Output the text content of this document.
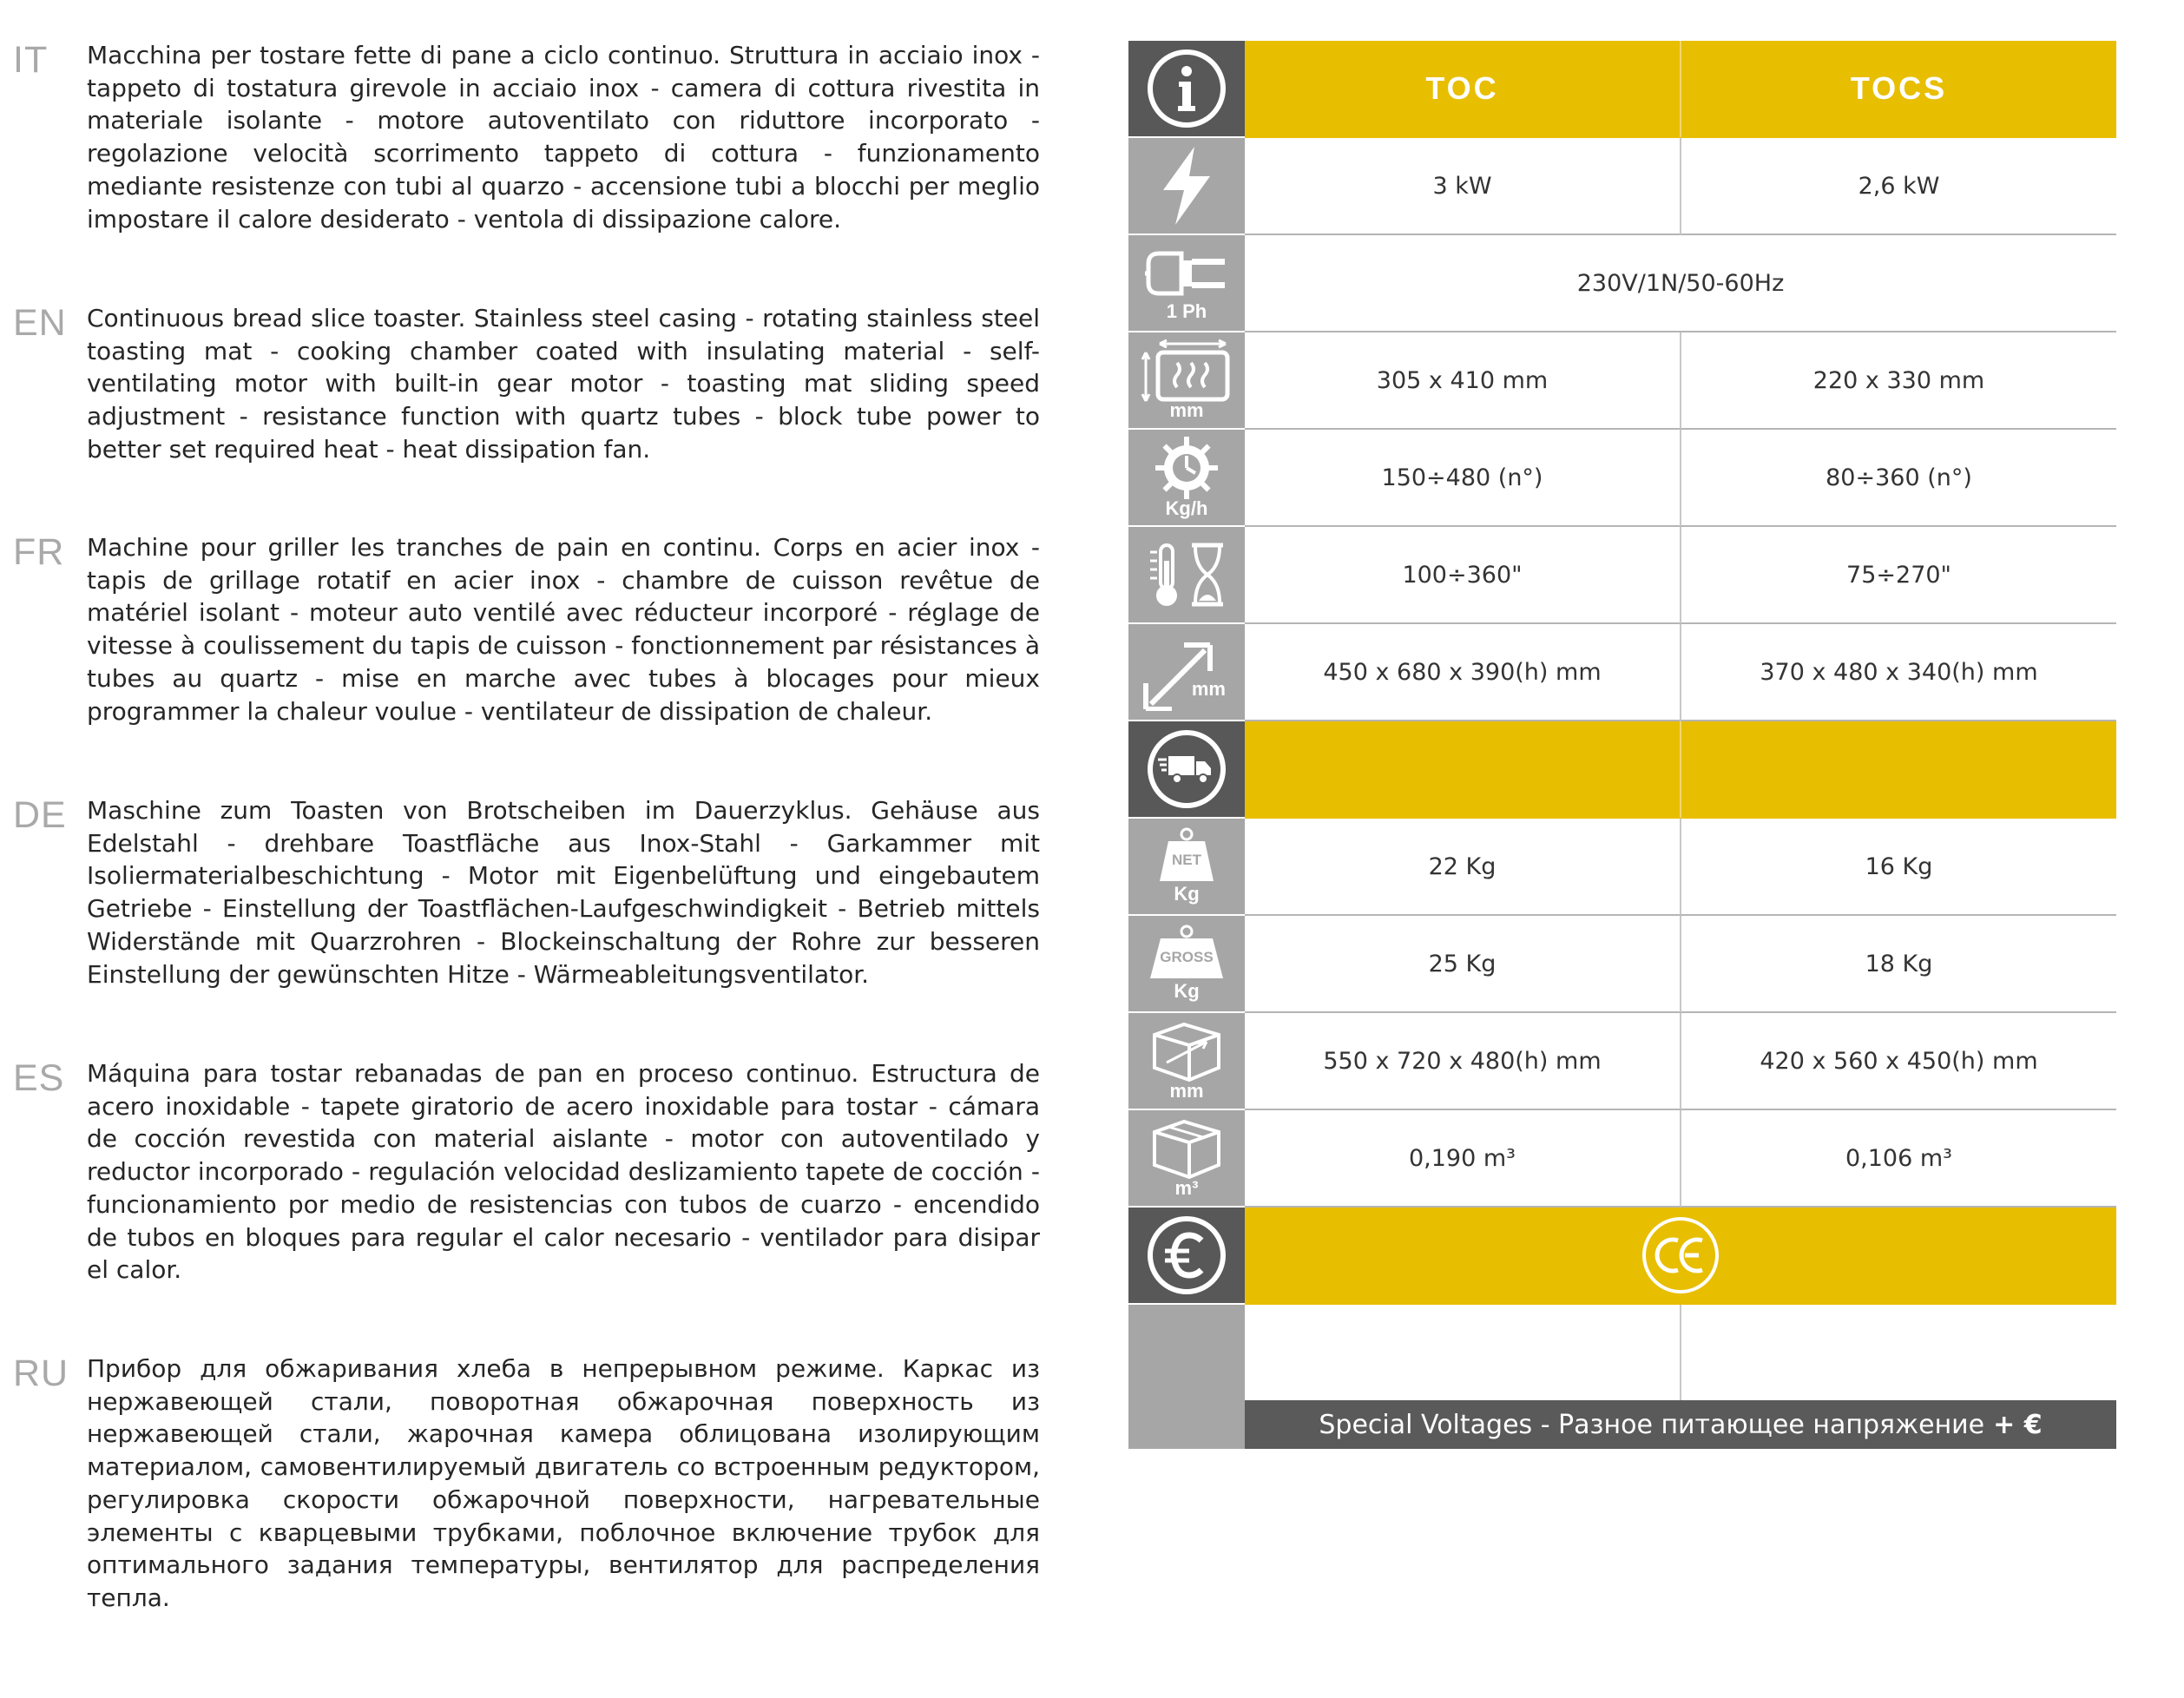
IT Macchina per tostare fette di pane a ciclo continuo. Struttura in acciaio inox - tappeto di tostatura girevole in acciaio inox - camera di cottura rivestita in materiale isolante - motore autoventilato con riduttore incorporato - regolazione velocità scorrimento tappeto di cottura - funzionamento mediante resistenze con tubi al quarzo - accensione tubi a blocchi per meglio impostare il calore desiderato - ventola di dissipazione calore.
EN Continuous bread slice toaster. Stainless steel casing - rotating stainless steel toasting mat - cooking chamber coated with insulating material - self-ventilating motor with built-in gear motor - toasting mat sliding speed adjustment - resistance function with quartz tubes - block tube power to better set required heat - heat dissipation fan.
FR Machine pour griller les tranches de pain en continu. Corps en acier inox - tapis de grillage rotatif en acier inox - chambre de cuisson revêtue de matériel isolant - moteur auto ventilé avec réducteur incorporé - réglage de vitesse à coulissement du tapis de cuisson - fonctionnement par résistances à tubes au quartz - mise en marche avec tubes à blocages pour mieux programmer la chaleur voulue - ventilateur de dissipation de chaleur.
DE Maschine zum Toasten von Brotscheiben im Dauerzyklus. Gehäuse aus Edelstahl - drehbare Toastfläche aus Inox-Stahl - Garkammer mit Isoliermaterialbeschichtung - Motor mit Eigenbelüftung und eingebautem Getriebe - Einstellung der Toastflächen-Laufgeschwindigkeit - Betrieb mittels Widerstände mit Quarzrohren - Blockeinschaltung der Rohre zur besseren Einstellung der gewünschten Hitze - Wärmeableitungsventilator.
ES Máquina para tostar rebanadas de pan en proceso continuo. Estructura de acero inoxidable - tapete giratorio de acero inoxidable para tostar - cámara de cocción revestida con material aislante - motor con autoventilado y reductor incorporado - regulación velocidad deslizamiento tapete de cocción - funcionamiento por medio de resistencias con tubos de cuarzo - encendido de tubos en bloques para regular el calor necesario - ventilador para disipar el calor.
RU Прибор для обжаривания хлеба в непрерывном режиме. Каркас из нержавеющей стали, поворотная обжарочная поверхность из нержавеющей стали, жарочная камера облицована изолирующим материалом, самовентилируемый двигатель со встроенным редуктором, регулировка скорости обжарочной поверхности, нагревательные элементы с кварцевыми трубками, поблочное включение трубок для оптимального задания температуры, вентилятор для распределения тепла.
TOC	TOCS
3 kW	2,6 kW
1 Ph
230V/1N/50-60Hz
mm
305 x 410 mm	220 x 330 mm
Kg/h
150÷480 (n°)	80÷360 (n°)
100÷360"	75÷270"
mm
450 x 680 x 390(h) mm	370 x 480 x 340(h) mm
NET
Kg
22 Kg	16 Kg
GROSS
Kg
25 Kg	18 Kg
mm
550 x 720 x 480(h) mm	420 x 560 x 450(h) mm
m³
0,190 m³	0,106 m³
Special Voltages - Разное питающее напряжение + €
